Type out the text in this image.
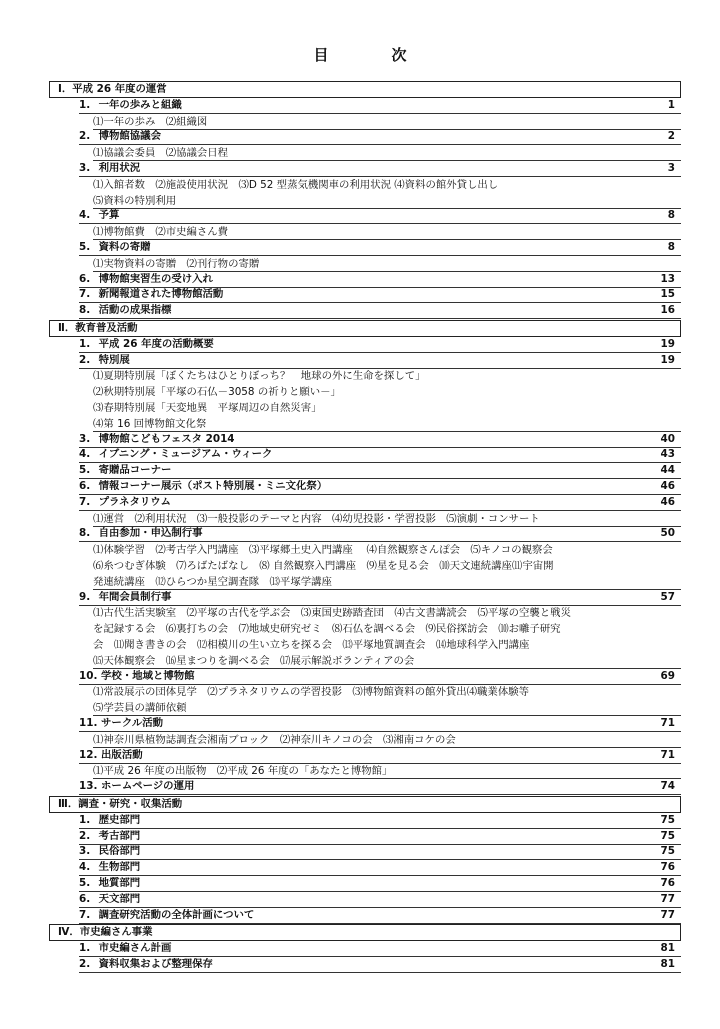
目　次
Ⅰ．平成 26 年度の運営
1. 一年の歩みと組織	1
⑴一年の歩み　⑵組織図
2. 博物館協議会	2
⑴協議会委員　⑵協議会日程
3. 利用状況	3
⑴入館者数　⑵施設使用状況　⑶D 52 型蒸気機関車の利用状況 ⑷資料の館外貸し出し
⑸資料の特別利用
4. 予算	8
⑴博物館費　⑵市史編さん費
5. 資料の寄贈	8
⑴実物資料の寄贈　⑵刊行物の寄贈
6. 博物館実習生の受け入れ	13
7. 新聞報道された博物館活動	15
8. 活動の成果指標	16
Ⅱ．教育普及活動
1. 平成 26 年度の活動概要	19
2. 特別展	19
⑴夏期特別展「ぼくたちはひとりぼっち？　地球の外に生命を探して」
⑵秋期特別展「平塚の石仏－3058 の祈りと願い－」
⑶春期特別展「天変地異　平塚周辺の自然災害」
⑷第 16 回博物館文化祭
3. 博物館こどもフェスタ 2014	40
4. イブニング・ミュージアム・ウィーク	43
5. 寄贈品コーナー	44
6. 情報コーナー展示（ポスト特別展・ミニ文化祭）	46
7. プラネタリウム	46
⑴運営　⑵利用状況　⑶一般投影のテーマと内容　⑷幼児投影・学習投影　⑸演劇・コンサート
8. 自由参加・申込制行事	50
⑴体験学習　⑵考古学入門講座　⑶平塚郷土史入門講座　 ⑷自然観察さんぽ会　⑸キノコの観察会
⑹糸つむぎ体験　⑺ろばたばなし　⑻ 自然観察入門講座　⑼星を見る会　⑽天文連続講座⑾宇宙開
発連続講座　⑿ひらつか星空調査隊　⒀平塚学講座
9. 年間会員制行事	57
⑴古代生活実験室　⑵平塚の古代を学ぶ会　⑶東国史跡踏査団　⑷古文書講読会　⑸平塚の空襲と戦災
を記録する会　⑹裏打ちの会　⑺地域史研究ゼミ　⑻石仏を調べる会　⑼民俗探訪会　⑽お囃子研究
会　⑾聞き書きの会　⑿相模川の生い立ちを探る会　⒀平塚地質調査会　⒁地球科学入門講座
⒂天体観察会　⒃星まつりを調べる会　⒄展示解説ボランティアの会
10. 学校・地域と博物館	69
⑴常設展示の団体見学　⑵プラネタリウムの学習投影　⑶博物館資料の館外貸出⑷職業体験等
⑸学芸員の講師依頼
11. サークル活動	71
⑴神奈川県植物誌調査会湘南ブロック　⑵神奈川キノコの会　⑶湘南コケの会
12. 出版活動	71
⑴平成 26 年度の出版物　⑵平成 26 年度の「あなたと博物館」
13. ホームページの運用	74
Ⅲ．調査・研究・収集活動
1. 歴史部門	75
2. 考古部門	75
3. 民俗部門	75
4. 生物部門	76
5. 地質部門	76
6. 天文部門	77
7. 調査研究活動の全体計画について	77
Ⅳ．市史編さん事業
1. 市史編さん計画	81
2. 資料収集および整理保存	81
